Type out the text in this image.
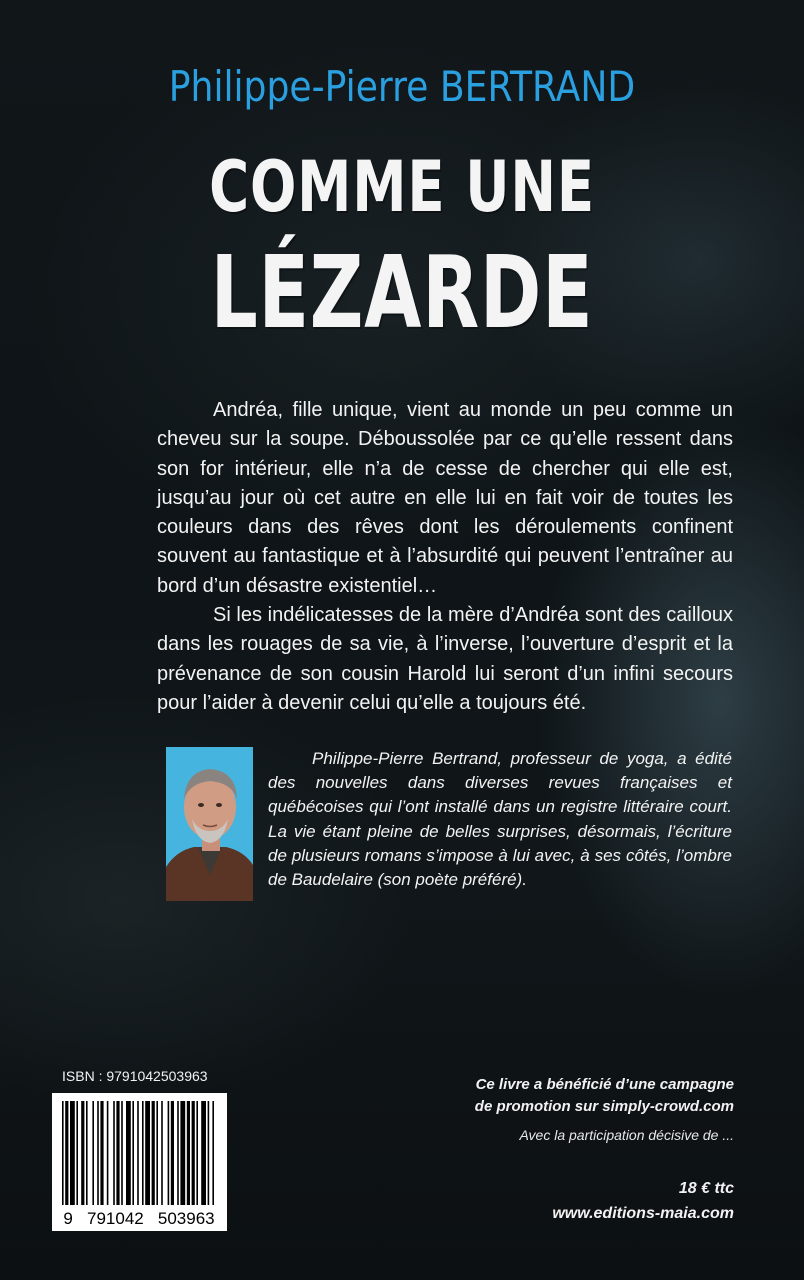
Philippe-Pierre BERTRAND
COMME UNE
LÉZARDE

Andréa, fille unique, vient au monde un peu comme un cheveu sur la soupe. Déboussolée par ce qu’elle ressent dans son for intérieur, elle n’a de cesse de chercher qui elle est, jusqu’au jour où cet autre en elle lui en fait voir de toutes les couleurs dans des rêves dont les déroulements confinent souvent au fantastique et à l’absurdité qui peuvent l’entraîner au bord d’un désastre existentiel…

Si les indélicatesses de la mère d’Andréa sont des cailloux dans les rouages de sa vie, à l’inverse, l’ouverture d’esprit et la prévenance de son cousin Harold lui seront d’un infini secours pour l’aider à devenir celui qu’elle a toujours été.

Philippe-Pierre Bertrand, professeur de yoga, a édité des nouvelles dans diverses revues françaises et québécoises qui l’ont installé dans un registre littéraire court. La vie étant pleine de belles surprises, désormais, l’écriture de plusieurs romans s’impose à lui avec, à ses côtés, l’ombre de Baudelaire (son poète préféré).

ISBN : 9791042503963
9   791042   503963
Ce livre a bénéficié d’une campagne
de promotion sur simply-crowd.com
Avec la participation décisive de ...
18 € ttc
www.editions-maia.com
